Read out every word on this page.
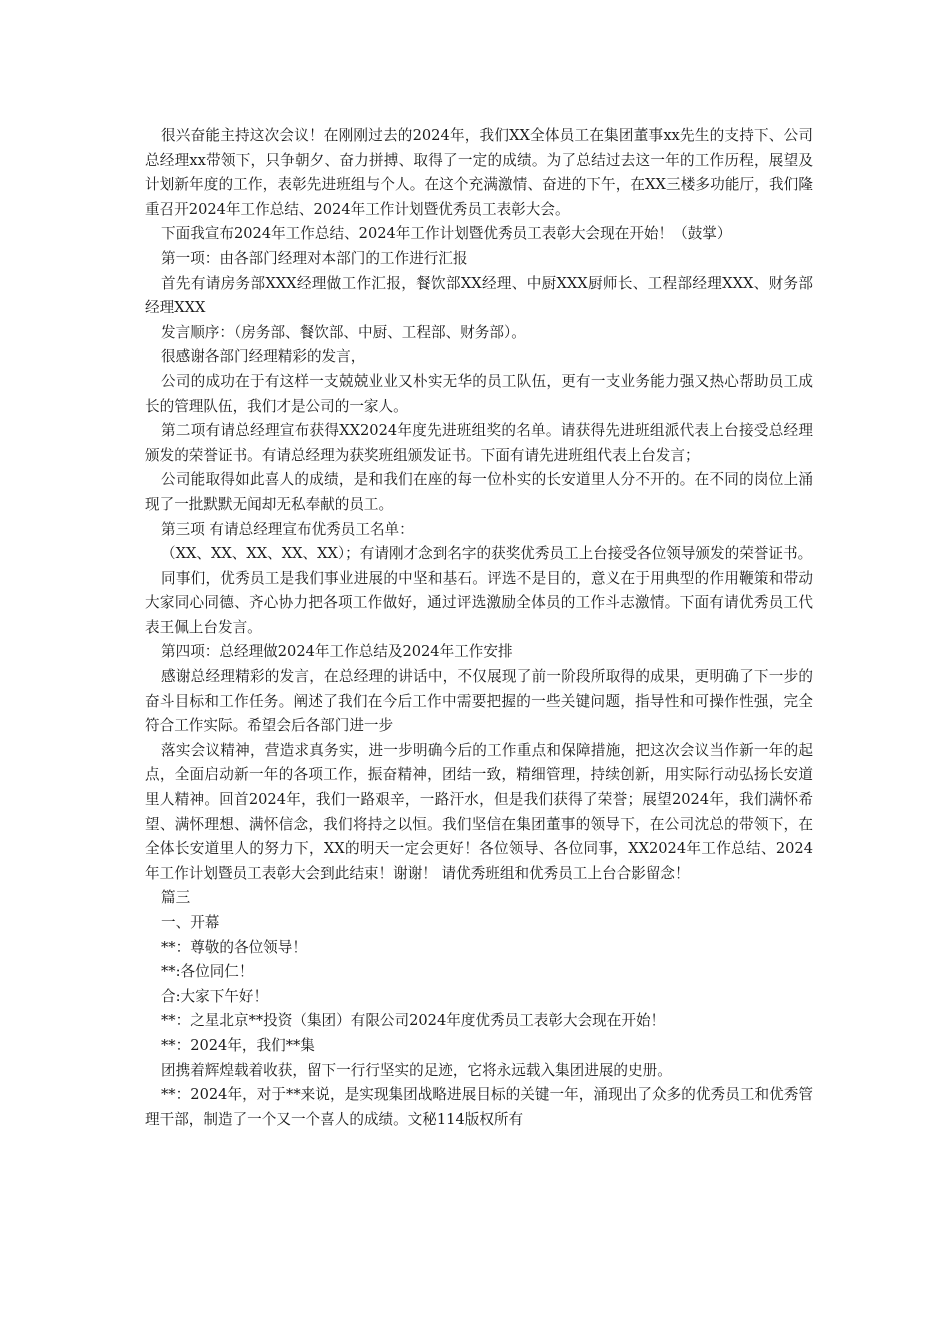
很兴奋能主持这次会议！在刚刚过去的2024年，我们XX全体员工在集团董事xx先生的支持下、公司总经理xx带领下，只争朝夕、奋力拼搏、取得了一定的成绩。为了总结过去这一年的工作历程，展望及计划新年度的工作，表彰先进班组与个人。在这个充满激情、奋进的下午，在XX三楼多功能厅，我们隆重召开2024年工作总结、2024年工作计划暨优秀员工表彰大会。

下面我宣布2024年工作总结、2024年工作计划暨优秀员工表彰大会现在开始！（鼓掌）

第一项：由各部门经理对本部门的工作进行汇报

首先有请房务部XXX经理做工作汇报，餐饮部XX经理、中厨XXX厨师长、工程部经理XXX、财务部经理XXX

发言顺序：（房务部、餐饮部、中厨、工程部、财务部）。

很感谢各部门经理精彩的发言，

公司的成功在于有这样一支兢兢业业又朴实无华的员工队伍，更有一支业务能力强又热心帮助员工成长的管理队伍，我们才是公司的一家人。

第二项有请总经理宣布获得XX2024年度先进班组奖的名单。请获得先进班组派代表上台接受总经理颁发的荣誉证书。有请总经理为获奖班组颁发证书。下面有请先进班组代表上台发言；

公司能取得如此喜人的成绩，是和我们在座的每一位朴实的长安道里人分不开的。在不同的岗位上涌现了一批默默无闻却无私奉献的员工。

第三项 有请总经理宣布优秀员工名单：

（XX、XX、XX、XX、XX）；有请刚才念到名字的获奖优秀员工上台接受各位领导颁发的荣誉证书。

同事们，优秀员工是我们事业进展的中坚和基石。评选不是目的，意义在于用典型的作用鞭策和带动大家同心同德、齐心协力把各项工作做好，通过评选激励全体员的工作斗志激情。下面有请优秀员工代表王佩上台发言。

第四项：总经理做2024年工作总结及2024年工作安排

感谢总经理精彩的发言，在总经理的讲话中，不仅展现了前一阶段所取得的成果，更明确了下一步的奋斗目标和工作任务。阐述了我们在今后工作中需要把握的一些关键问题，指导性和可操作性强，完全符合工作实际。希望会后各部门进一步

落实会议精神，营造求真务实，进一步明确今后的工作重点和保障措施，把这次会议当作新一年的起点，全面启动新一年的各项工作，振奋精神，团结一致，精细管理，持续创新，用实际行动弘扬长安道里人精神。回首2024年，我们一路艰辛，一路汗水，但是我们获得了荣誉；展望2024年，我们满怀希望、满怀理想、满怀信念，我们将持之以恒。我们坚信在集团董事的领导下，在公司沈总的带领下，在全体长安道里人的努力下，XX的明天一定会更好！各位领导、各位同事，XX2024年工作总结、2024年工作计划暨员工表彰大会到此结束！谢谢！ 请优秀班组和优秀员工上台合影留念！

篇三

一、开幕

**：尊敬的各位领导！

**:各位同仁！

合:大家下午好！

**：之星北京**投资（集团）有限公司2024年度优秀员工表彰大会现在开始！

**：2024年，我们**集

团携着辉煌载着收获，留下一行行坚实的足迹，它将永远载入集团进展的史册。

**：2024年，对于**来说，是实现集团战略进展目标的关键一年，涌现出了众多的优秀员工和优秀管理干部，制造了一个又一个喜人的成绩。文秘114版权所有
